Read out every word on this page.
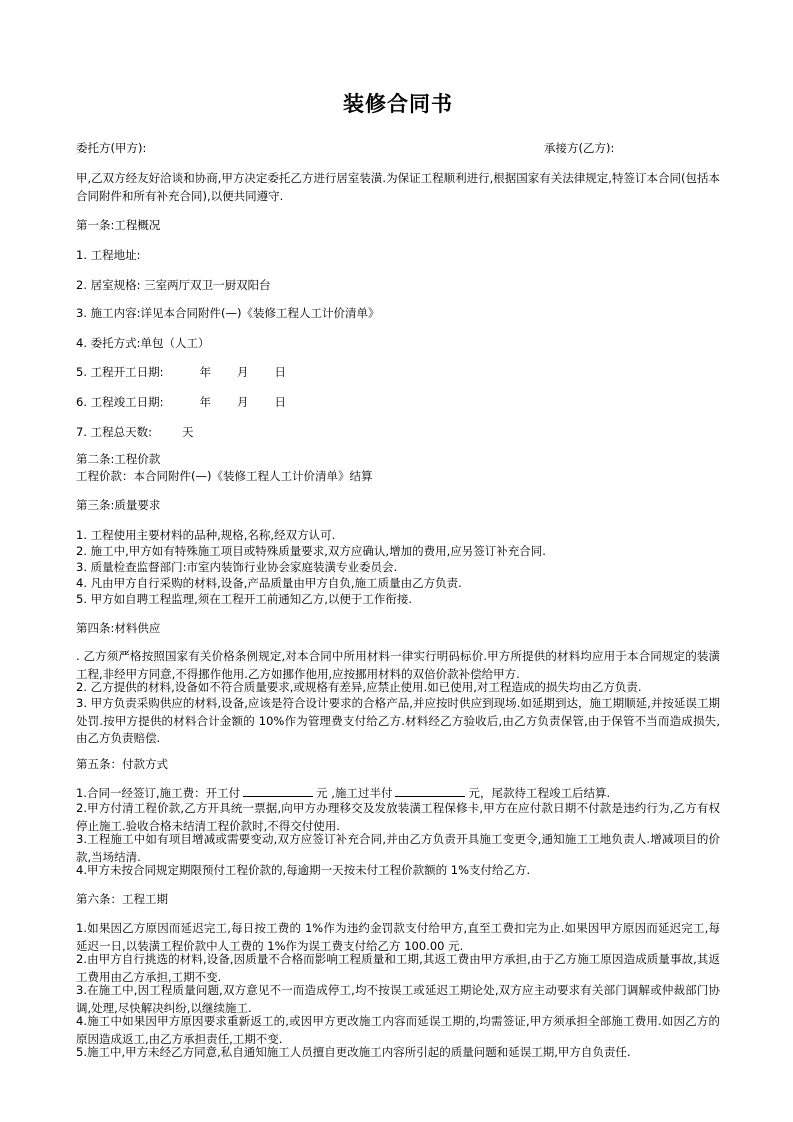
装修合同书
委托方(甲方):	承接方(乙方):
甲,乙双方经友好洽谈和协商,甲方决定委托乙方进行居室装潢.为保证工程顺利进行,根据国家有关法律规定,特签订本合同(包括本合同附件和所有补充合同),以便共同遵守.
第一条:工程概况
1. 工程地址:
2. 居室规格: 三室两厅双卫一厨双阳台
3. 施工内容:详见本合同附件(—)《装修工程人工计价清单》
4. 委托方式:单包（人工）
5. 工程开工日期:	年 月 日
6. 工程竣工日期:	年 月 日
7. 工程总天数:	天
第二条:工程价款
工程价款：本合同附件(—)《装修工程人工计价清单》结算
第三条:质量要求
1. 工程使用主要材料的品种,规格,名称,经双方认可.
2. 施工中,甲方如有特殊施工项目或特殊质量要求,双方应确认,增加的费用,应另签订补充合同.
3. 质量检查监督部门:市室内装饰行业协会家庭装潢专业委员会.
4. 凡由甲方自行采购的材料,设备,产品质量由甲方自负,施工质量由乙方负责.
5. 甲方如自聘工程监理,须在工程开工前通知乙方,以便于工作衔接.
第四条:材料供应
. 乙方须严格按照国家有关价格条例规定,对本合同中所用材料一律实行明码标价.甲方所提供的材料均应用于本合同规定的装潢工程,非经甲方同意,不得挪作他用.乙方如挪作他用,应按挪用材料的双倍价款补偿给甲方.
2. 乙方提供的材料,设备如不符合质量要求,或规格有差异,应禁止使用.如已使用,对工程造成的损失均由乙方负责.
3. 甲方负责采购供应的材料,设备,应该是符合设计要求的合格产品,并应按时供应到现场.如延期到达，施工期顺延,并按延误工期处罚.按甲方提供的材料合计金额的 10%作为管理费支付给乙方.材料经乙方验收后,由乙方负责保管,由于保管不当而造成损失,由乙方负责赔偿.
第五条：付款方式
1.合同一经签订,施工费：开工付	元 ,施工过半付	元，尾款待工程竣工后结算.
2.甲方付清工程价款,乙方开具统一票据,向甲方办理移交及发放装潢工程保修卡,甲方在应付款日期不付款是违约行为,乙方有权停止施工.验收合格未结清工程价款时,不得交付使用.
3.工程施工中如有项目增减或需要变动,双方应签订补充合同,并由乙方负责开具施工变更令,通知施工工地负责人.增减项目的价款,当场结清.
4.甲方未按合同规定期限预付工程价款的,每逾期一天按未付工程价款额的 1%支付给乙方.
第六条：工程工期
1.如果因乙方原因而延迟完工,每日按工费的 1%作为违约金罚款支付给甲方,直至工费扣完为止.如果因甲方原因而延迟完工,每延迟一日,以装潢工程价款中人工费的 1%作为误工费支付给乙方 100.00 元.
2.由甲方自行挑选的材料,设备,因质量不合格而影响工程质量和工期,其返工费由甲方承担,由于乙方施工原因造成质量事故,其返工费用由乙方承担,工期不变.
3.在施工中,因工程质量问题,双方意见不一而造成停工,均不按误工或延迟工期论处,双方应主动要求有关部门调解或仲裁部门协调,处理,尽快解决纠纷,以继续施工.
4.施工中如果因甲方原因要求重新返工的,或因甲方更改施工内容而延误工期的,均需签证,甲方须承担全部施工费用.如因乙方的原因造成返工,由乙方承担责任,工期不变.
5.施工中,甲方未经乙方同意,私自通知施工人员擅自更改施工内容所引起的质量问题和延误工期,甲方自负责任.
